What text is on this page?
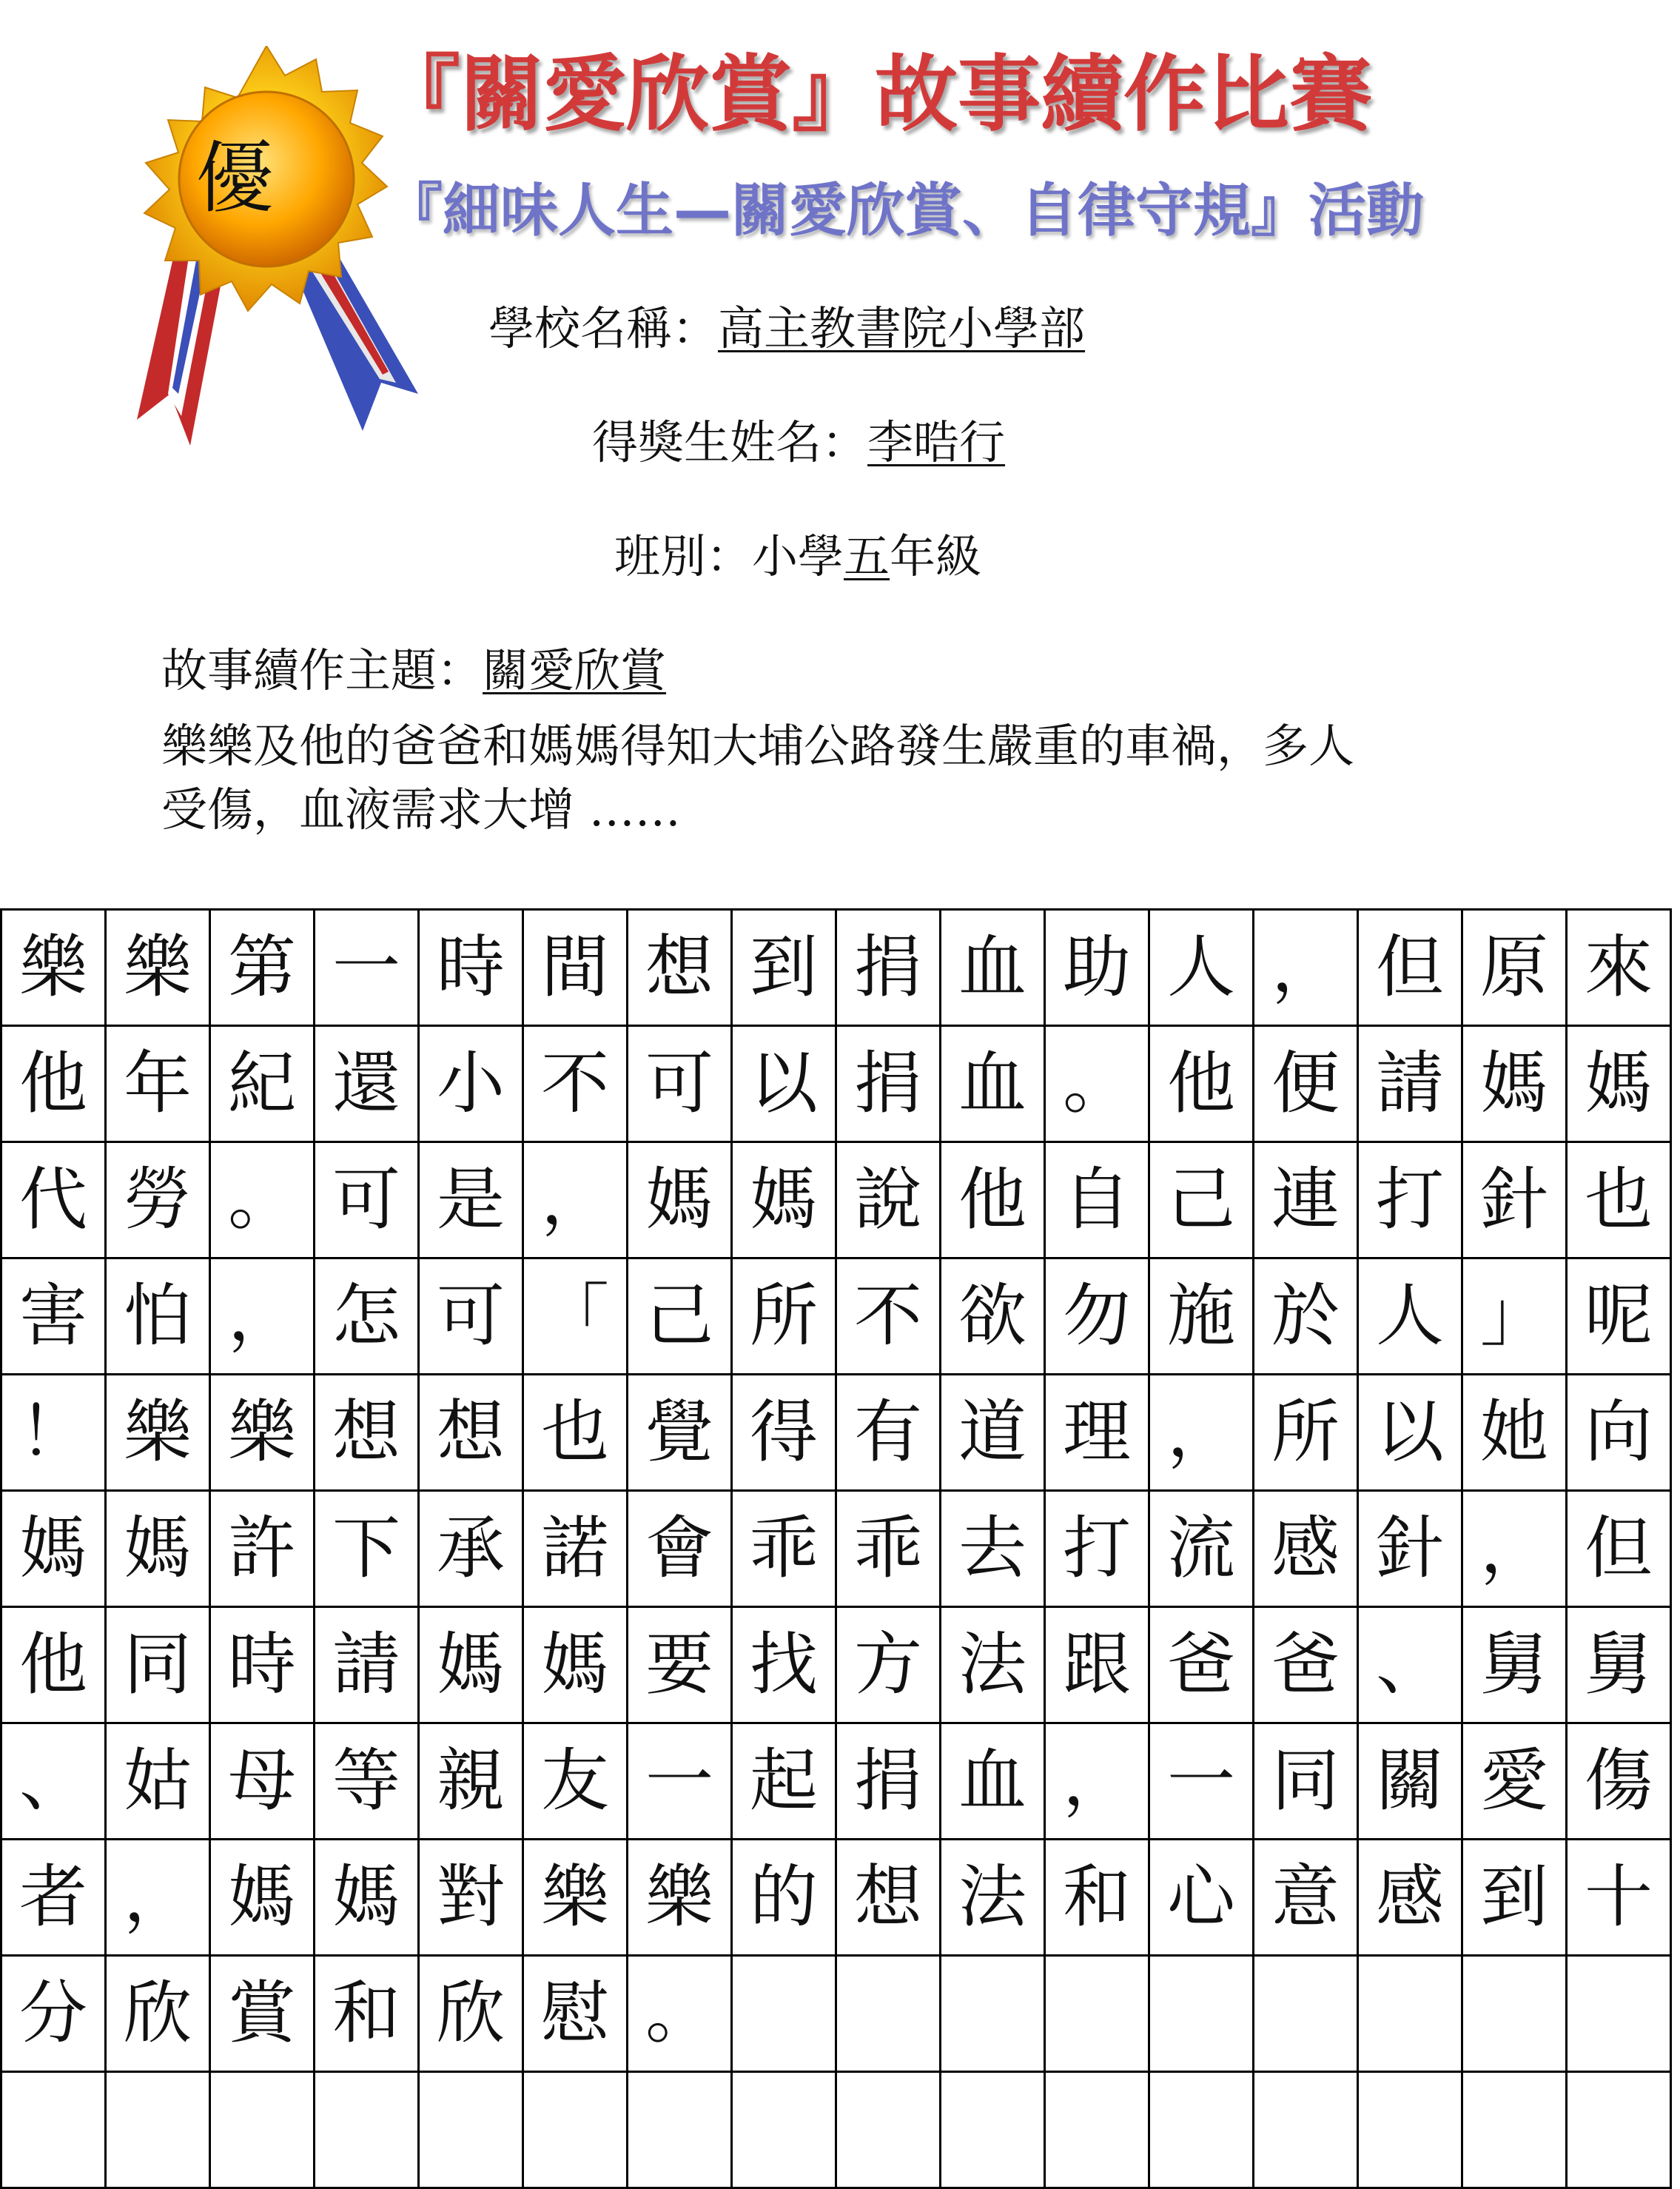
優
『關愛欣賞』故事續作比賽
『細味人生—關愛欣賞、自律守規』活動
學校名稱：高主教書院小學部
得獎生姓名：李晧行
班別：小學五年級
故事續作主題：關愛欣賞
樂樂及他的爸爸和媽媽得知大埔公路發生嚴重的車禍，多人
受傷，血液需求大增 ……
樂	樂	第	一	時	間	想	到	捐	血	助	人	，	但	原	來
他	年	紀	還	小	不	可	以	捐	血	。	他	便	請	媽	媽
代	勞	。	可	是	，	媽	媽	說	他	自	己	連	打	針	也
害	怕	，	怎	可	「	己	所	不	欲	勿	施	於	人	」	呢
！	樂	樂	想	想	也	覺	得	有	道	理	，	所	以	她	向
媽	媽	許	下	承	諾	會	乖	乖	去	打	流	感	針	，	但
他	同	時	請	媽	媽	要	找	方	法	跟	爸	爸	、	舅	舅
、	姑	母	等	親	友	一	起	捐	血	，	一	同	關	愛	傷
者	，	媽	媽	對	樂	樂	的	想	法	和	心	意	感	到	十
分	欣	賞	和	欣	慰	。									
